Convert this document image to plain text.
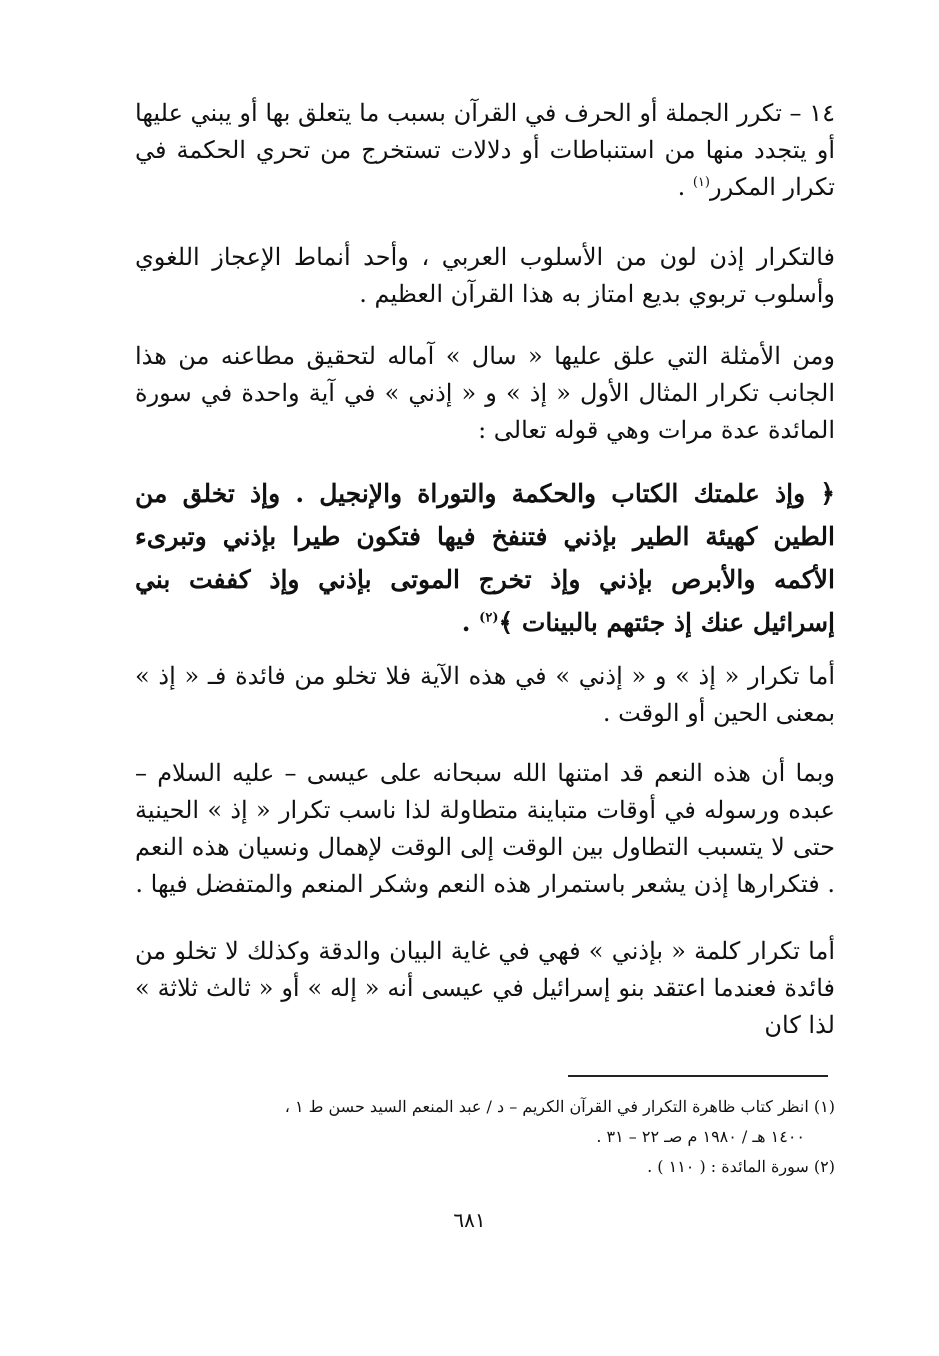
١٤ – تكرر الجملة أو الحرف في القرآن بسبب ما يتعلق بها أو يبني عليها أو يتجدد منها من استنباطات أو دلالات تستخرج من تحري الحكمة في تكرار المكرر$^{(١)}$ .

فالتكرار إذن لون من الأسلوب العربي ، وأحد أنماط الإعجاز اللغوي وأسلوب تربوي بديع امتاز به هذا القرآن العظيم .

ومن الأمثلة التي علق عليها « سال » آماله لتحقيق مطاعنه من هذا الجانب تكرار المثال الأول « إذ » و « إذني » في آية واحدة في سورة المائدة عدة مرات وهي قوله تعالى :

﴿ وإذ علمتك الكتاب والحكمة والتوراة والإنجيل . وإذ تخلق من الطين كهيئة الطير بإذني فتنفخ فيها فتكون طيرا بإذني وتبرىء الأكمه والأبرص بإذني وإذ تخرج الموتى بإذني وإذ كففت بني إسرائيل عنك إذ جئتهم بالبينات ﴾$^{(٢)}$ .

أما تكرار « إذ » و « إذني » في هذه الآية فلا تخلو من فائدة فـ « إذ » بمعنى الحين أو الوقت .

وبما أن هذه النعم قد امتنها الله سبحانه على عيسى – عليه السلام – عبده ورسوله في أوقات متباينة متطاولة لذا ناسب تكرار « إذ » الحينية حتى لا يتسبب التطاول بين الوقت إلى الوقت لإهمال ونسيان هذه النعم . فتكرارها إذن يشعر باستمرار هذه النعم وشكر المنعم والمتفضل فيها .

أما تكرار كلمة « بإذني » فهي في غاية البيان والدقة وكذلك لا تخلو من فائدة فعندما اعتقد بنو إسرائيل في عيسى أنه « إله » أو « ثالث ثلاثة » لذا كان

(١) انظر كتاب ظاهرة التكرار في القرآن الكريم – د / عبد المنعم السيد حسن ط ١ ،

١٤٠٠ هـ / ١٩٨٠ م صـ ٢٢ – ٣١ .

(٢) سورة المائدة : ( ١١٠ ) .

٦٨١
